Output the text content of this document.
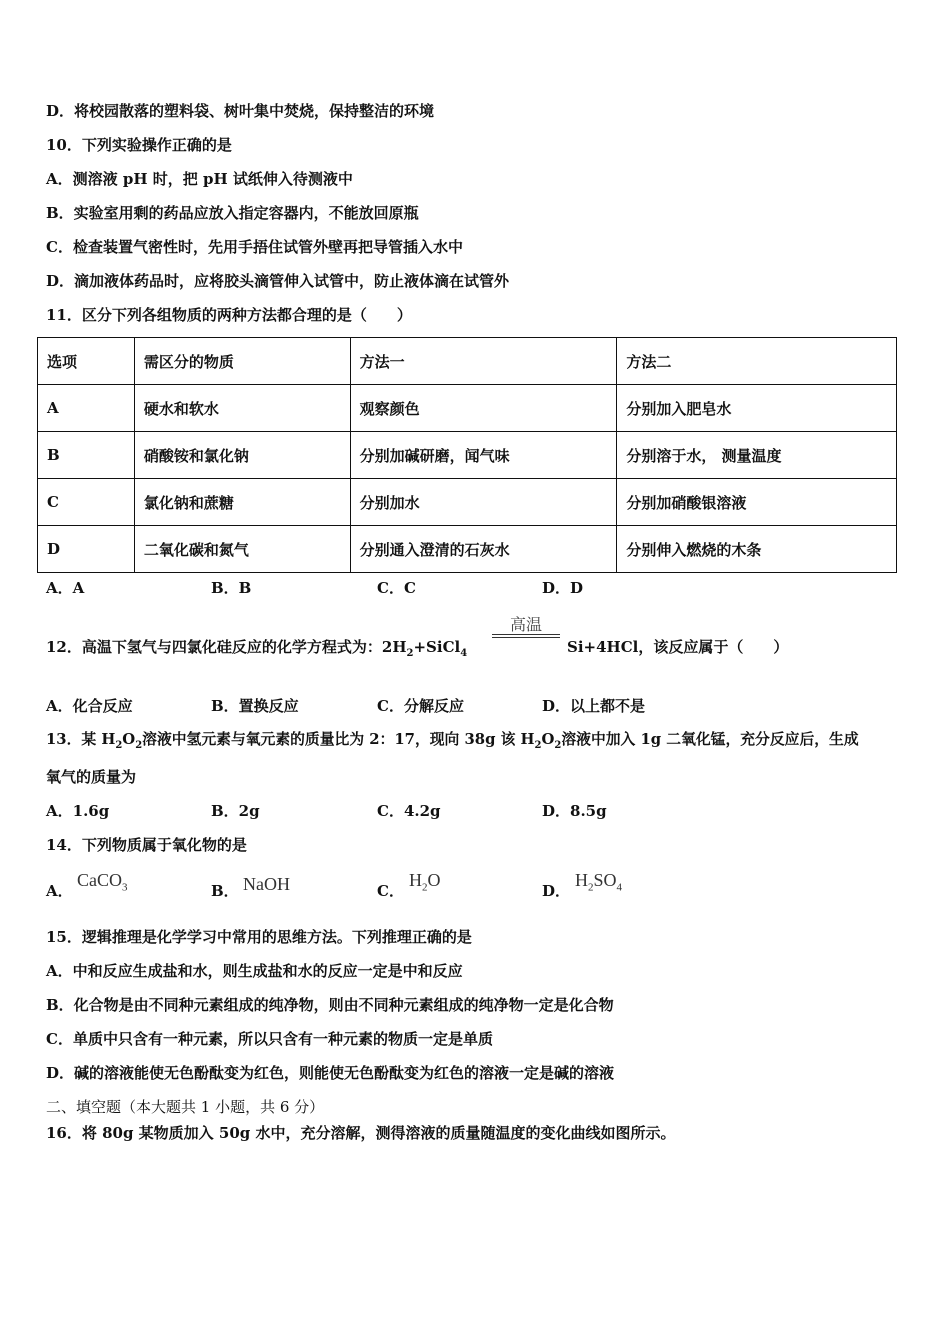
D．将校园散落的塑料袋、树叶集中焚烧，保持整洁的环境
10．下列实验操作正确的是
A．测溶液 pH 时，把 pH 试纸伸入待测液中
B．实验室用剩的药品应放入指定容器内，不能放回原瓶
C．检查装置气密性时，先用手捂住试管外壁再把导管插入水中
D．滴加液体药品时，应将胶头滴管伸入试管中，防止液体滴在试管外
11．区分下列各组物质的两种方法都合理的是（　　）
选项	需区分的物质	方法一	方法二
A	硬水和软水	观察颜色	分别加入肥皂水
B	硝酸铵和氯化钠	分别加碱研磨，闻气味	分别溶于水， 测量温度
C	氯化钠和蔗糖	分别加水	分别加硝酸银溶液
D	二氧化碳和氮气	分别通入澄清的石灰水	分别伸入燃烧的木条
A．A	B．B	C．C	D．D
高温
12．高温下氢气与四氯化硅反应的化学方程式为：$2H_2+SiCl_4$	Si+4HCl，该反应属于（　　）
A．化合反应	B．置换反应	C．分解反应	D．以上都不是
13．某 $H_2O_2$溶液中氢元素与氧元素的质量比为 2：17，现向 38g 该 $H_2O_2$溶液中加入 1g 二氧化锰，充分反应后，生成
氧气的质量为
A．1.6g	B．2g	C．4.2g	D．8.5g
14．下列物质属于氧化物的是
A．
CaCO$_3$	B． NaOH	C．
$H_2O$
D．
$H_2SO_4$
15．逻辑推理是化学学习中常用的思维方法。下列推理正确的是
A．中和反应生成盐和水，则生成盐和水的反应一定是中和反应
B．化合物是由不同种元素组成的纯净物，则由不同种元素组成的纯净物一定是化合物
C．单质中只含有一种元素，所以只含有一种元素的物质一定是单质
D．碱的溶液能使无色酚酞变为红色，则能使无色酚酞变为红色的溶液一定是碱的溶液
二、填空题（本大题共 1 小题，共 6 分）
16．将 80g 某物质加入 50g 水中，充分溶解，测得溶液的质量随温度的变化曲线如图所示。
